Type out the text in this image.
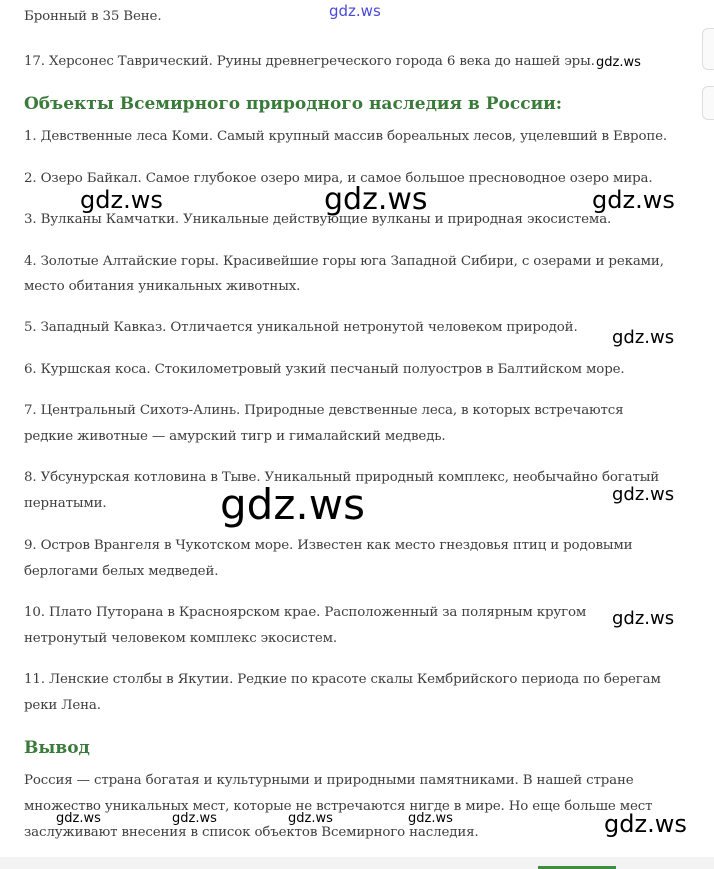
Бронный в 35 Вене.

17. Херсонес Таврический. Руины древнегреческого города 6 века до нашей эры.

Объекты Всемирного природного наследия в России:

1. Девственные леса Коми. Самый крупный массив бореальных лесов, уцелевший в Европе.

2. Озеро Байкал. Самое глубокое озеро мира, и самое большое пресноводное озеро мира.

3. Вулканы Камчатки. Уникальные действующие вулканы и природная экосистема.

4. Золотые Алтайские горы. Красивейшие горы юга Западной Сибири, с озерами и реками,

место обитания уникальных животных.

5. Западный Кавказ. Отличается уникальной нетронутой человеком природой.

6. Куршская коса. Стокилометровый узкий песчаный полуостров в Балтийском море.

7. Центральный Сихотэ-Алинь. Природные девственные леса, в которых встречаются

редкие животные — амурский тигр и гималайский медведь.

8. Убсунурская котловина в Тыве. Уникальный природный комплекс, необычайно богатый

пернатыми.

9. Остров Врангеля в Чукотском море. Известен как место гнездовья птиц и родовыми

берлогами белых медведей.

10. Плато Путорана в Красноярском крае. Расположенный за полярным кругом

нетронутый человеком комплекс экосистем.

11. Ленские столбы в Якутии. Редкие по красоте скалы Кембрийского периода по берегам

реки Лена.

Вывод

Россия — страна богатая и культурными и природными памятниками. В нашей стране

множество уникальных мест, которые не встречаются нигде в мире. Но еще больше мест

заслуживают внесения в список объектов Всемирного наследия.

gdz.ws
gdz.ws
gdz.ws	gdz.ws	gdz.ws
gdz.ws
gdz.ws
gdz.ws
gdz.ws
gdz.ws
gdz.ws	gdz.ws	gdz.ws	gdz.ws
